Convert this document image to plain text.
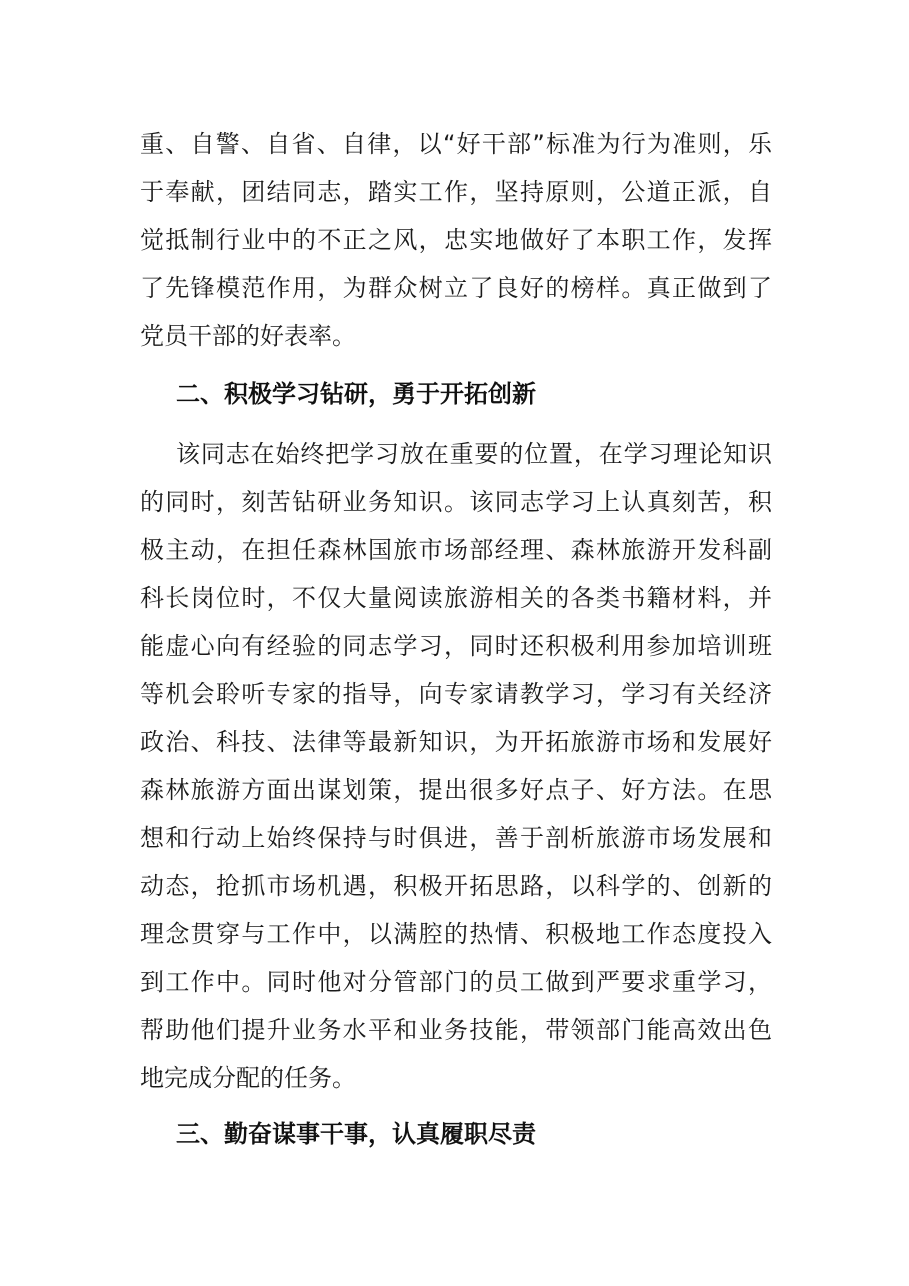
重、自警、自省、自律，以“好干部”标准为行为准则，乐
于奉献，团结同志，踏实工作，坚持原则，公道正派，自
觉抵制行业中的不正之风，忠实地做好了本职工作，发挥
了先锋模范作用，为群众树立了良好的榜样。真正做到了
党员干部的好表率。
二、积极学习钻研，勇于开拓创新
该同志在始终把学习放在重要的位置，在学习理论知识
的同时，刻苦钻研业务知识。该同志学习上认真刻苦，积
极主动，在担任森林国旅市场部经理、森林旅游开发科副
科长岗位时，不仅大量阅读旅游相关的各类书籍材料，并
能虚心向有经验的同志学习，同时还积极利用参加培训班
等机会聆听专家的指导，向专家请教学习，学习有关经济
政治、科技、法律等最新知识，为开拓旅游市场和发展好
森林旅游方面出谋划策，提出很多好点子、好方法。在思
想和行动上始终保持与时俱进，善于剖析旅游市场发展和
动态，抢抓市场机遇，积极开拓思路，以科学的、创新的
理念贯穿与工作中，以满腔的热情、积极地工作态度投入
到工作中。同时他对分管部门的员工做到严要求重学习，
帮助他们提升业务水平和业务技能，带领部门能高效出色
地完成分配的任务。
三、勤奋谋事干事，认真履职尽责
